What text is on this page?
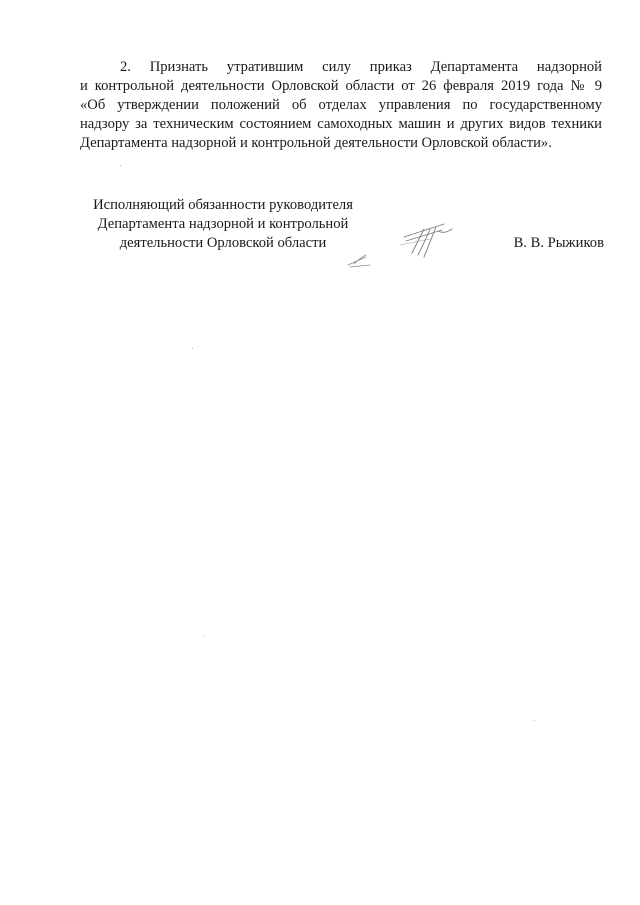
2. Признать утратившим силу приказ Департамента надзорной
и контрольной деятельности Орловской области от 26 февраля 2019 года № 9
«Об утверждении положений об отделах управления по государственному
надзору за техническим состоянием самоходных машин и других видов техники
Департамента надзорной и контрольной деятельности Орловской области».

Исполняющий обязанности руководителя
Департамента надзорной и контрольной
деятельности Орловской области	В. В. Рыжиков
